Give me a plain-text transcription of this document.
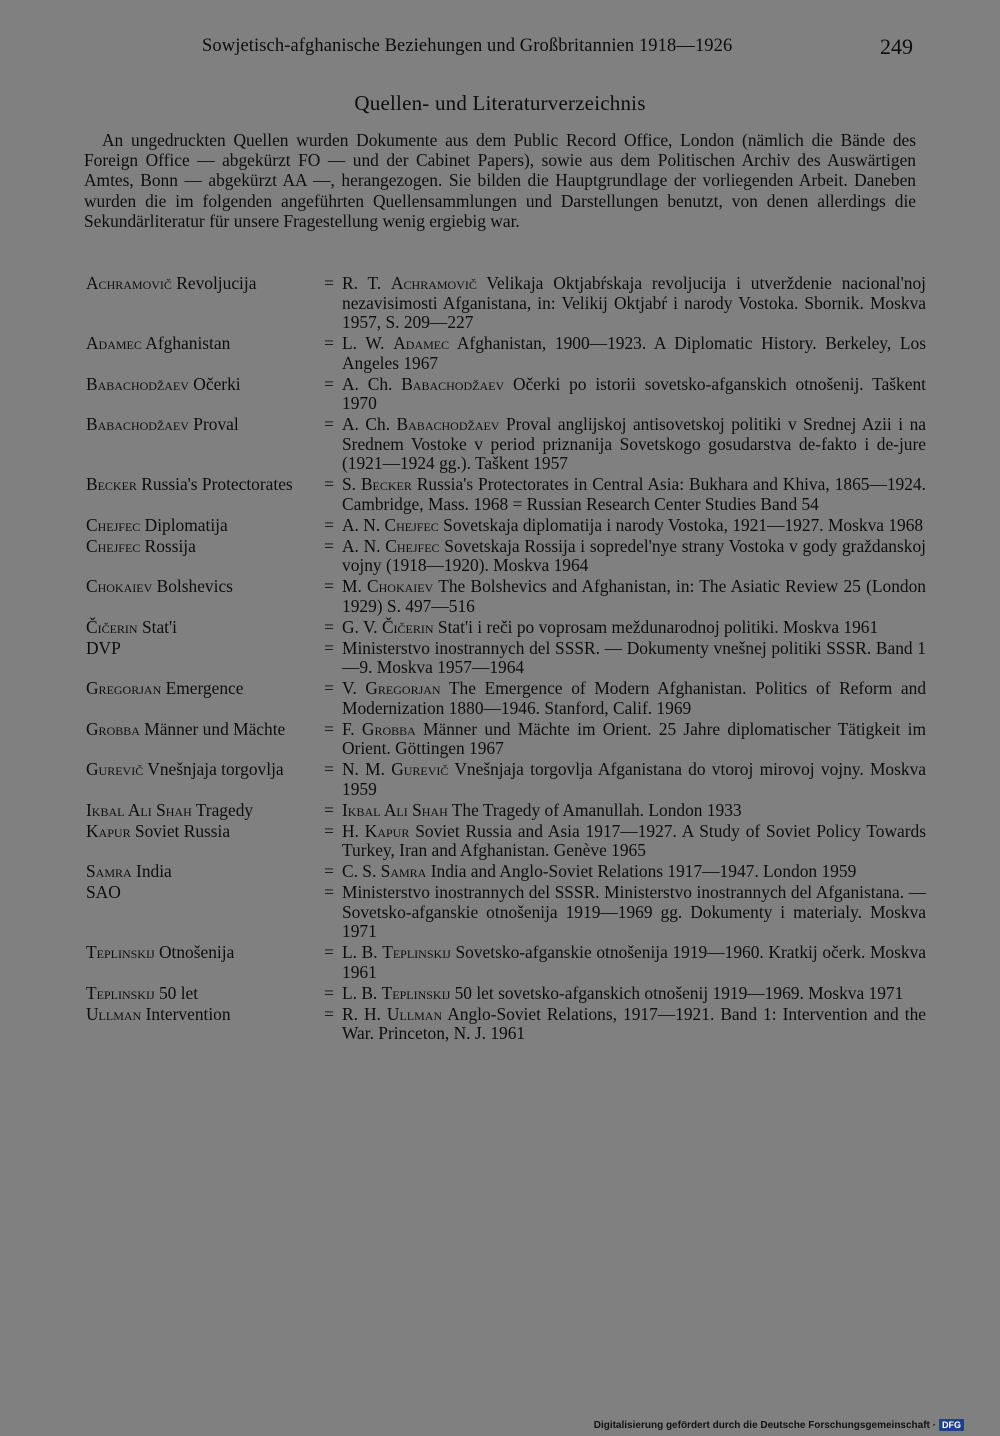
Sowjetisch-afghanische Beziehungen und Großbritannien 1918—1926	249
Quellen- und Literaturverzeichnis

An ungedruckten Quellen wurden Dokumente aus dem Public Record Office, London (nämlich die Bände des Foreign Office — abgekürzt FO — und der Cabinet Papers), sowie aus dem Politischen Archiv des Auswärtigen Amtes, Bonn — abgekürzt AA —, herangezogen. Sie bilden die Hauptgrundlage der vorliegenden Arbeit. Daneben wurden die im folgenden angeführten Quellensammlungen und Darstellungen benutzt, von denen allerdings die Sekundärliteratur für unsere Fragestellung wenig ergiebig war.

Achramovič Revoljucija	= R. T. Achramovič Velikaja Oktjabŕskaja revoljucija i utverždenie nacional'noj nezavisimosti Afganistana, in: Velikij Oktjabŕ i narody Vostoka. Sbornik. Moskva 1957, S. 209—227
Adamec Afghanistan	= L. W. Adamec Afghanistan, 1900—1923. A Diplomatic History. Berkeley, Los Angeles 1967
Babachodžaev Očerki	= A. Ch. Babachodžaev Očerki po istorii sovetsko-afganskich otnošenij. Taškent 1970
Babachodžaev Proval	= A. Ch. Babachodžaev Proval anglijskoj antisovetskoj politiki v Srednej Azii i na Srednem Vostoke v period priznanija Sovetskogo gosudarstva de-fakto i de-jure (1921—1924 gg.). Taškent 1957
Becker Russia's Protectorates	= S. Becker Russia's Protectorates in Central Asia: Bukhara and Khiva, 1865—1924. Cambridge, Mass. 1968 = Russian Research Center Studies Band 54
Chejfec Diplomatija	= A. N. Chejfec Sovetskaja diplomatija i narody Vostoka, 1921—1927. Moskva 1968
Chejfec Rossija	= A. N. Chejfec Sovetskaja Rossija i sopredel'nye strany Vostoka v gody graždanskoj vojny (1918—1920). Moskva 1964
Chokaiev Bolshevics	= M. Chokaiev The Bolshevics and Afghanistan, in: The Asiatic Review 25 (London 1929) S. 497—516
Čičerin Stat'i	= G. V. Čičerin Stat'i i reči po voprosam meždunarodnoj politiki. Moskva 1961
DVP	= Ministerstvo inostrannych del SSSR. — Dokumenty vnešnej politiki SSSR. Band 1—9. Moskva 1957—1964
Gregorjan Emergence	= V. Gregorjan The Emergence of Modern Afghanistan. Politics of Reform and Modernization 1880—1946. Stanford, Calif. 1969
Grobba Männer und Mächte	= F. Grobba Männer und Mächte im Orient. 25 Jahre diplomatischer Tätigkeit im Orient. Göttingen 1967
Gurevič Vnešnjaja torgovlja	= N. M. Gurevič Vnešnjaja torgovlja Afganistana do vtoroj mirovoj vojny. Moskva 1959
Ikbal Ali Shah Tragedy	= Ikbal Ali Shah The Tragedy of Amanullah. London 1933
Kapur Soviet Russia	= H. Kapur Soviet Russia and Asia 1917—1927. A Study of Soviet Policy Towards Turkey, Iran and Afghanistan. Genève 1965
Samra India	= C. S. Samra India and Anglo-Soviet Relations 1917—1947. London 1959
SAO	= Ministerstvo inostrannych del SSSR. Ministerstvo inostrannych del Afganistana. — Sovetsko-afganskie otnošenija 1919—1969 gg. Dokumenty i materialy. Moskva 1971
Teplinskij Otnošenija	= L. B. Teplinskij Sovetsko-afganskie otnošenija 1919—1960. Kratkij očerk. Moskva 1961
Teplinskij 50 let	= L. B. Teplinskij 50 let sovetsko-afganskich otnošenij 1919—1969. Moskva 1971
Ullman Intervention	= R. H. Ullman Anglo-Soviet Relations, 1917—1921. Band 1: Intervention and the War. Princeton, N. J. 1961
Digitalisierung gefördert durch die Deutsche Forschungsgemeinschaft · DFG
